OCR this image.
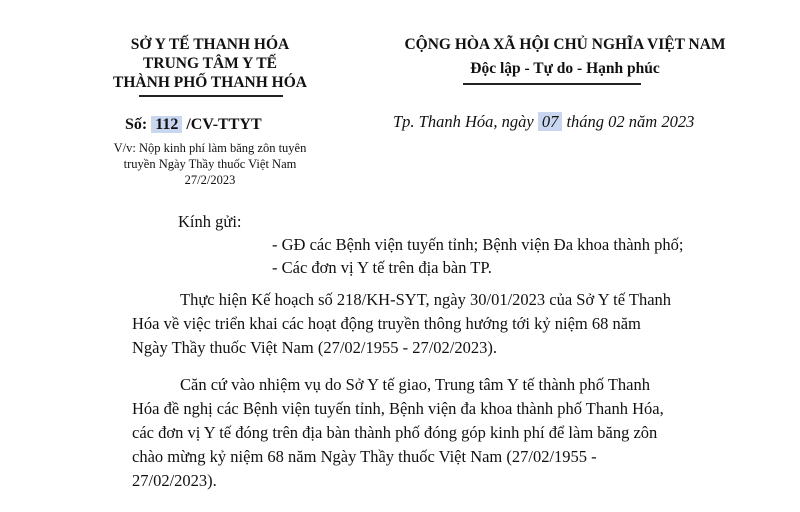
SỞ Y TẾ THANH HÓA
TRUNG TÂM Y TẾ
THÀNH PHỐ THANH HÓA
Số: 112 /CV-TTYT
V/v: Nộp kinh phí làm băng zôn tuyên
truyền Ngày Thầy thuốc Việt Nam
27/2/2023
CỘNG HÒA XÃ HỘI CHỦ NGHĨA VIỆT NAM
Độc lập - Tự do - Hạnh phúc
Tp. Thanh Hóa, ngày 07 tháng 02 năm 2023
Kính gửi:
- GĐ các Bệnh viện tuyến tỉnh; Bệnh viện Đa khoa thành phố;
- Các đơn vị Y tế trên địa bàn TP.
Thực hiện Kế hoạch số 218/KH-SYT, ngày 30/01/2023 của Sở Y tế Thanh
Hóa về việc triển khai các hoạt động truyền thông hướng tới kỷ niệm 68 năm
Ngày Thầy thuốc Việt Nam (27/02/1955 - 27/02/2023).
Căn cứ vào nhiệm vụ do Sở Y tế giao, Trung tâm Y tế thành phố Thanh
Hóa đề nghị các Bệnh viện tuyến tỉnh, Bệnh viện đa khoa thành phố Thanh Hóa,
các đơn vị Y tế đóng trên địa bàn thành phố đóng góp kinh phí để làm băng zôn
chào mừng kỷ niệm 68 năm Ngày Thầy thuốc Việt Nam (27/02/1955 -
27/02/2023).
